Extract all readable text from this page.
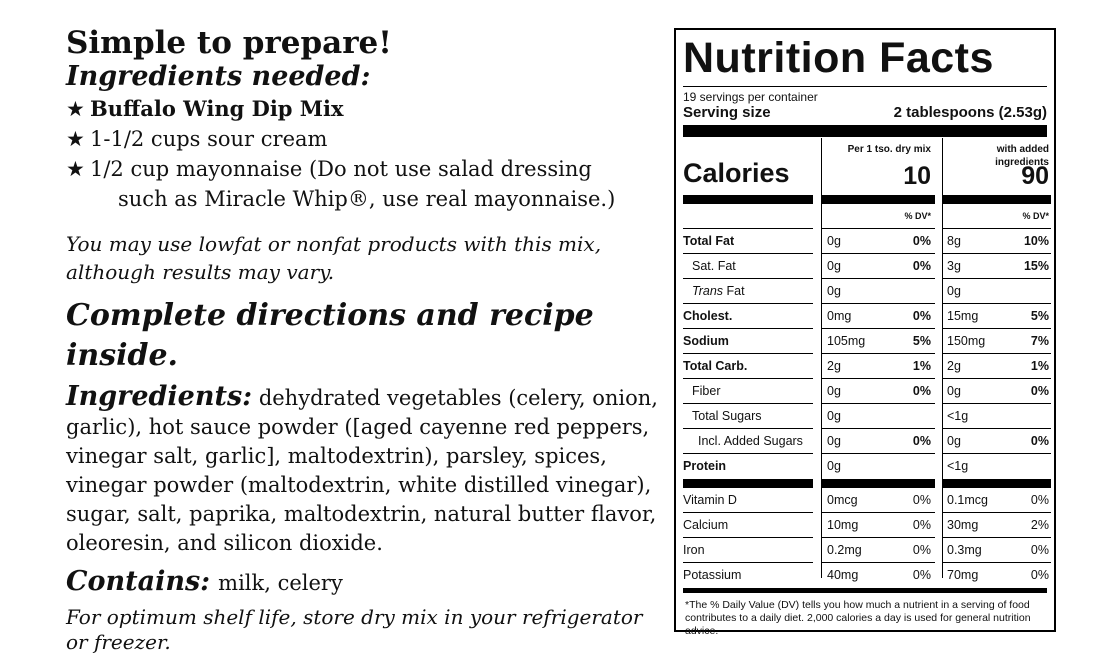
Simple to prepare!
Ingredients needed:
★ Buffalo Wing Dip Mix
★ 1-1/2 cups sour cream
★ 1/2 cup mayonnaise (Do not use salad dressing
such as Miracle Whip®, use real mayonnaise.)

You may use lowfat or nonfat products with this mix, although results may vary.

Complete directions and recipe inside.

Ingredients: dehydrated vegetables (celery, onion, garlic), hot sauce powder ([aged cayenne red peppers, vinegar salt, garlic], maltodextrin), parsley, spices, vinegar powder (maltodextrin, white distilled vinegar), sugar, salt, paprika, maltodextrin, natural butter flavor, oleoresin, and silicon dioxide.

Contains: milk, celery

For optimum shelf life, store dry mix in your refrigerator or freezer.

Nutrition Facts
19 servings per container
Serving size	2 tablespoons (2.53g)
Calories
Per 1 tso. dry mix	with added ingredients
10	90
% DV*	% DV*
Total Fat	0g	0% 8g	10%
Sat. Fat	0g	0% 3g	15%
Trans Fat	0g	0g
Cholest.	0mg	0% 15mg	5%
Sodium	105mg	5% 150mg	7%
Total Carb.	2g	1% 2g	1%
Fiber	0g	0% 0g	0%
Total Sugars	0g	<1g
Incl. Added Sugars 0g	0% 0g	0%
Protein	0g	<1g
Vitamin D	0mcg	0% 0.1mcg	0%
Calcium	10mg	0% 30mg	2%
Iron	0.2mg	0% 0.3mg	0%
Potassium	40mg	0% 70mg	0%
*The % Daily Value (DV) tells you how much a nutrient in a serving of food contributes to a daily diet. 2,000 calories a day is used for general nutrition advice.
